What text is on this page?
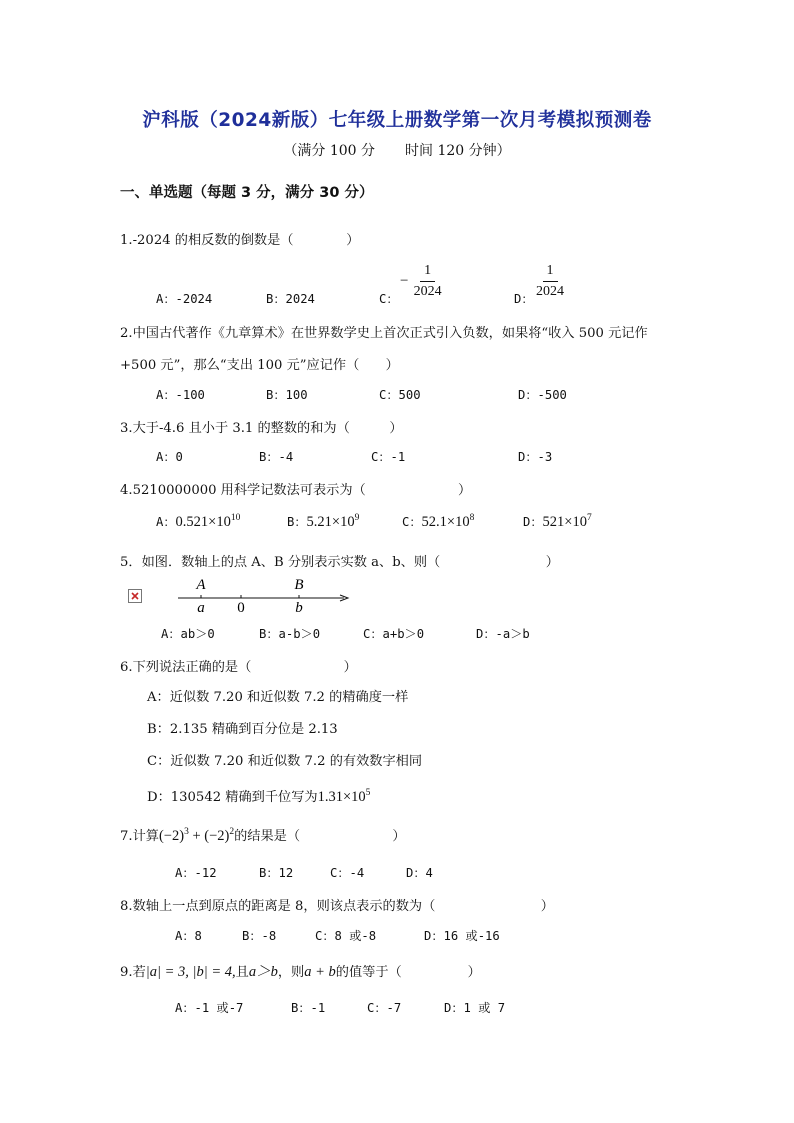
沪科版（2024新版）七年级上册数学第一次月考模拟预测卷
（满分 100 分 时间 120 分钟）
一、单选题（每题 3 分，满分 30 分）
1.-2024 的相反数的倒数是（　　　　）
A：-2024	B：2024	C：
− $\frac{1}{2024}$	D： $\frac{1}{2024}$
2.中国古代著作《九章算术》在世界数学史上首次正式引入负数，如果将“收入 500 元记作
+500 元”，那么“支出 100 元”应记作（　　）
A：-100	B：100	C：500	D：-500
3.大于-4.6 且小于 3.1 的整数的和为（　　　）
A：0	B：-4	C：-1	D：-3
4.5210000000 用科学记数法可表示为（　　　　　　　）
A：$0.521\times 10^{10}$	B：$5.21\times 10^9$	C：$52.1\times 10^8$	D：$521\times 10^7$
5．如图．数轴上的点 A、B 分别表示实数 a、b、则（　　　　　　　　）
A	B
a 0	b
A：ab＞0	B：a-b＞0	C：a+b＞0	D：-a＞b
6.下列说法正确的是（　　　　　　　）
A：近似数 7.20 和近似数 7.2 的精确度一样
B：2.135 精确到百分位是 2.13
C：近似数 7.20 和近似数 7.2 的有效数字相同
D：130542 精确到千位写为$1.31\times 10^5$
7.计算$(-2)^3 + (-2)^2$的结果是（　　　　　　　）
A：-12	B：12	C：-4	D：4
8.数轴上一点到原点的距离是 8，则该点表示的数为（　　　　　　　　）
A：8	B：-8	C：8 或-8	D：16 或-16
9.若|a| = 3, |b| = 4,且a＞b，则a + b的值等于（　　　　　）
A：-1 或-7	B：-1	C：-7	D：1 或 7
